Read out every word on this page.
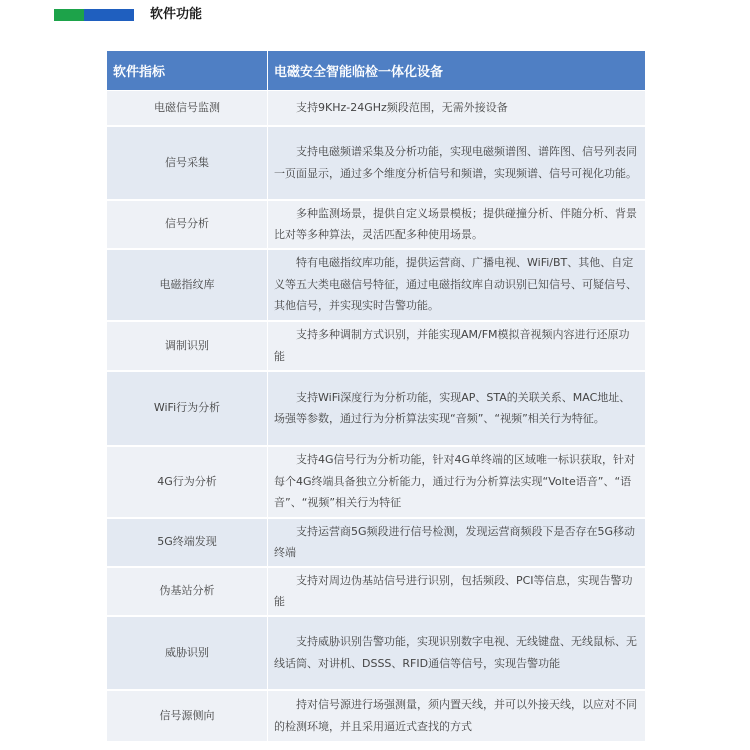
软件功能
软件指标	电磁安全智能临检一体化设备
电磁信号监测	支持9KHz-24GHz频段范围，无需外接设备
信号采集	支持电磁频谱采集及分析功能，实现电磁频谱图、谱阵图、信号列表同一页面显示，通过多个维度分析信号和频谱，实现频谱、信号可视化功能。
信号分析	多种监测场景，提供自定义场景模板；提供碰撞分析、伴随分析、背景比对等多种算法，灵活匹配多种使用场景。
电磁指纹库	特有电磁指纹库功能，提供运营商、广播电视、WiFi/BT、其他、自定义等五大类电磁信号特征，通过电磁指纹库自动识别已知信号、可疑信号、其他信号，并实现实时告警功能。
调制识别	支持多种调制方式识别，并能实现AM/FM模拟音视频内容进行还原功能
WiFi行为分析	支持WiFi深度行为分析功能，实现AP、STA的关联关系、MAC地址、场强等参数，通过行为分析算法实现“音频”、“视频”相关行为特征。
4G行为分析	支持4G信号行为分析功能，针对4G单终端的区域唯一标识获取，针对每个4G终端具备独立分析能力，通过行为分析算法实现“Volte语音”、“语音”、“视频”相关行为特征
5G终端发现	支持运营商5G频段进行信号检测，发现运营商频段下是否存在5G移动终端
伪基站分析	支持对周边伪基站信号进行识别，包括频段、PCI等信息，实现告警功能
威胁识别	支持威胁识别告警功能，实现识别数字电视、无线键盘、无线鼠标、无线话筒、对讲机、DSSS、RFID通信等信号，实现告警功能
信号源侧向	持对信号源进行场强测量，须内置天线，并可以外接天线，以应对不同的检测环境，并且采用逼近式查找的方式
